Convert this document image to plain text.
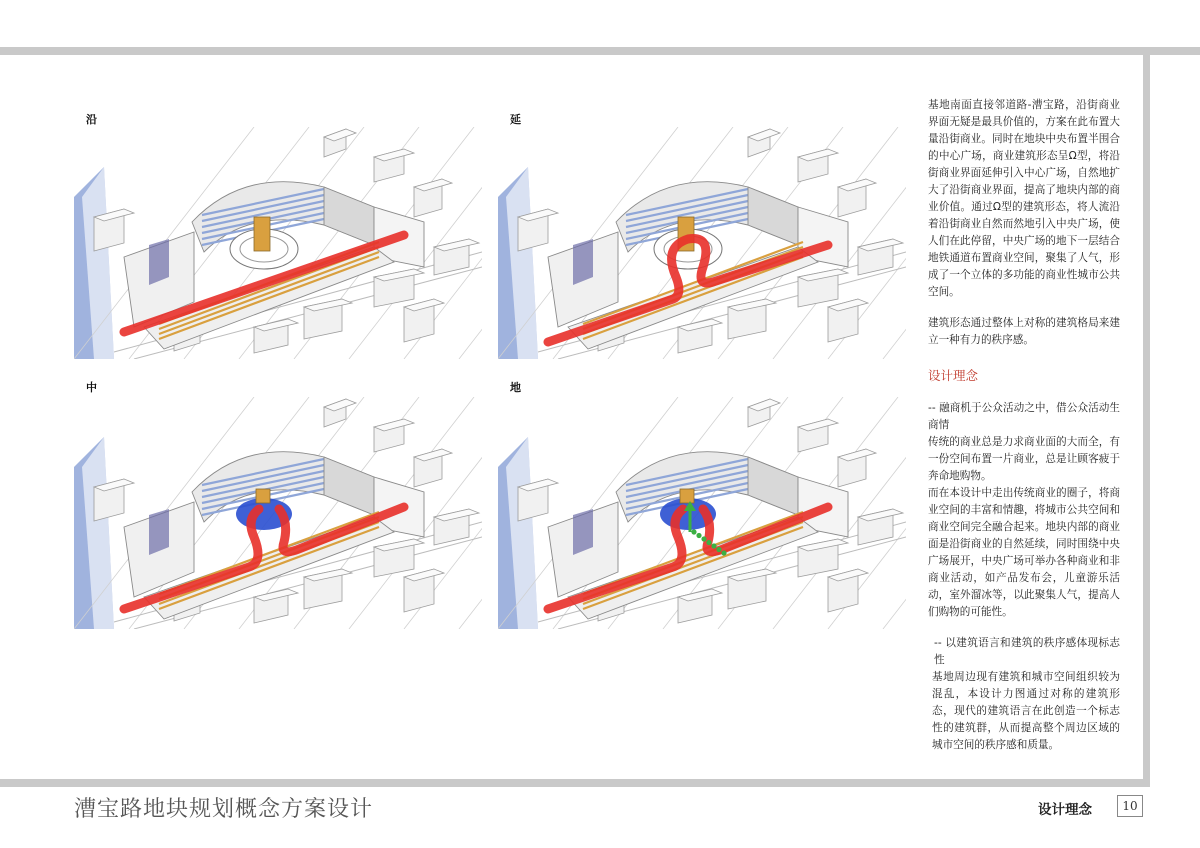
沿	延
中	地

基地南面直接邻道路-漕宝路，沿街商业界面无疑是最具价值的，方案在此布置大量沿街商业。同时在地块中央布置半围合的中心广场，商业建筑形态呈Ω型，将沿街商业界面延伸引入中心广场，自然地扩大了沿街商业界面，提高了地块内部的商业价值。通过Ω型的建筑形态，将人流沿着沿街商业自然而然地引入中央广场，使人们在此停留，中央广场的地下一层结合地铁通道布置商业空间，聚集了人气，形成了一个立体的多功能的商业性城市公共空间。

建筑形态通过整体上对称的建筑格局来建立一种有力的秩序感。

设计理念

-- 融商机于公众活动之中，借公众活动生商情

传统的商业总是力求商业面的大而全，有一份空间布置一片商业，总是让顾客疲于奔命地购物。

而在本设计中走出传统商业的圈子，将商业空间的丰富和情趣，将城市公共空间和商业空间完全融合起来。地块内部的商业面是沿街商业的自然延续，同时围绕中央广场展开，中央广场可举办各种商业和非商业活动，如产品发布会，儿童游乐活动，室外溜冰等，以此聚集人气，提高人们购物的可能性。

-- 以建筑语言和建筑的秩序感体现标志性

基地周边现有建筑和城市空间组织较为混乱，本设计力图通过对称的建筑形态，现代的建筑语言在此创造一个标志性的建筑群，从而提高整个周边区域的城市空间的秩序感和质量。

漕宝路地块规划概念方案设计	设计理念	10
